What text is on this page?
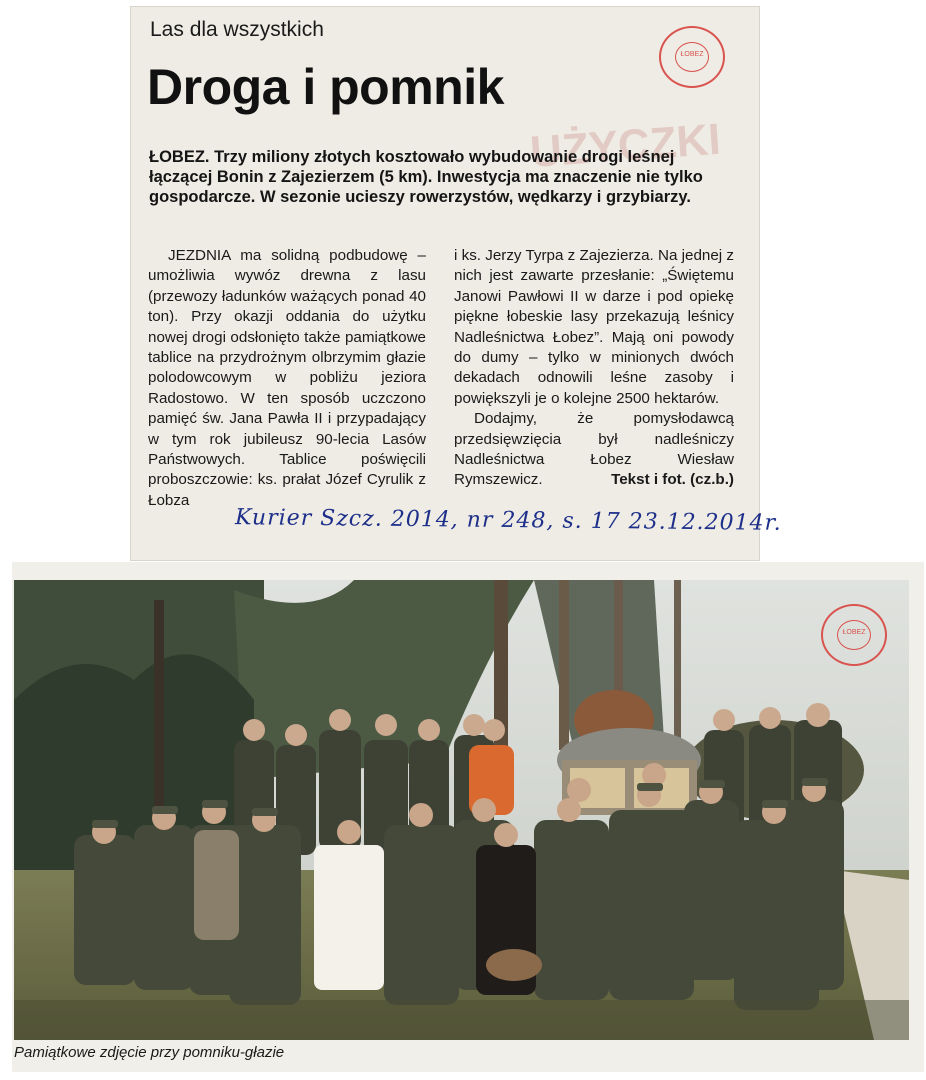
UŻYCZKI
ŁOBEZ
Las dla wszystkich
Droga i pomnik
ŁOBEZ. Trzy miliony złotych kosztowało wybudowanie drogi leśnej łączącej Bonin z Zajezierzem (5 km). Inwestycja ma znaczenie nie tylko gospodarcze. W sezonie ucieszy rowerzystów, wędkarzy i grzybiarzy.

JEZDNIA ma solidną podbudowę – umożliwia wywóz drewna z lasu (przewozy ładunków ważących ponad 40 ton). Przy okazji oddania do użytku nowej drogi odsłonięto także pamiątkowe tablice na przydrożnym olbrzymim głazie polodowcowym w pobliżu jeziora Radostowo. W ten sposób uczczono pamięć św. Jana Pawła II i przypadający w tym rok jubileusz 90-lecia Lasów Państwowych. Tablice poświęcili proboszczowie: ks. prałat Józef Cyrulik z Łobza

i ks. Jerzy Tyrpa z Zajezierza. Na jednej z nich jest zawarte przesłanie: „Świętemu Janowi Pawłowi II w darze i pod opiekę piękne łobeskie lasy przekazują leśnicy Nadleśnictwa Łobez”. Mają oni powody do dumy – tylko w minionych dwóch dekadach odnowili leśne zasoby i powiększyli je o kolejne 2500 hektarów.

Dodajmy, że pomysłodawcą przedsięwzięcia był nadleśniczy Nadleśnictwa Łobez Wiesław Rymszewicz.	Tekst i fot. (cz.b.)

Kurier Szcz. 2014, nr 248, s. 17 23.12.2014r.
ŁOBEZ
Pamiątkowe zdjęcie przy pomniku-głazie
